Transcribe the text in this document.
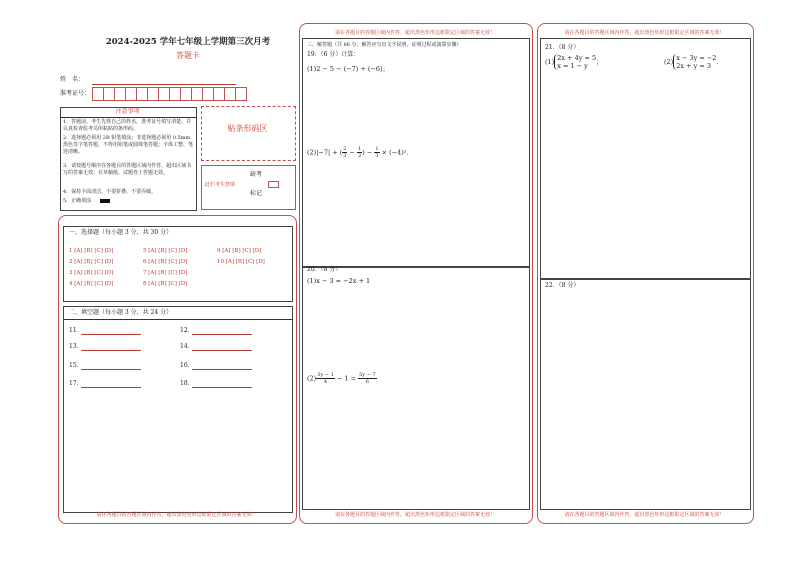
2024-2025 学年七年级上学期第三次月考
答题卡
姓　名：
准考证号：
注意事项
1．答题前，考生先将自己的姓名，准考证号填写清楚，并认真检查监考员所粘贴的条形码。
2．选择题必须用 2B 铅笔填涂；非选择题必须用 0.5mm 黑色签字笔答题，不得用铅笔或圆珠笔答题；字体工整、笔迹清晰。
3．请按题号顺序在各题目的答题区域内作答，超出区域书写的答案无效；在草稿纸、试题卷上答题无效。
4．保持卡面清洁，不要折叠、不要弄破。
5．正确填涂
贴条形码区
缺考
此栏考生禁填
标记
一、选择题（每小题 3 分，共 30 分）
1 [A] [B] [C] [D]
2 [A] [B] [C] [D]
3 [A] [B] [C] [D]
4 [A] [B] [C] [D]
5 [A] [B] [C] [D]
6 [A] [B] [C] [D]
7 [A] [B] [C] [D]
8 [A] [B] [C] [D]
9 [A] [B] [C] [D]
10 [A] [B] [C] [D]
二、填空题（每小题 3 分，共 24 分）
11．	12．
13．	14．
15．	16．
17．	18．
请在各题目的答题区域内作答，超出黑色矩形边框限定区域的答案无效！
请在各题目的答题区域内作答，超出黑色矩形边框限定区域的答案无效！
三、解答题（共 66 分，解答应写出文字说明，证明过程或演算步骤）
19．（6 分）计算：
(1)2 − 5 − (−7) + (−6)；
(2)|−7| + ( $\frac{2}{3} - \frac{1}{2}$ ) − $\frac{1}{3} \times (-4)^2$.
20．（8 分）
(1)x − 3 = −2x + 1
$(2) \frac{3y - 1}{4} - 1 = \frac{5y - 7}{6}$
请在各题目的答题区域内作答，超出黑色矩形边框限定区域的答案无效！
请在各题目的答题区域内作答，超出黑色矩形边框限定区域的答案无效！
21．（8 分）
(1) 2x + 4y = 5
x = 1 − y ；	(2) x − 3y = −2
2x + y = 3 .
22．（8 分）
请在各题目的答题区域内作答，超出黑色矩形边框限定区域的答案无效！
